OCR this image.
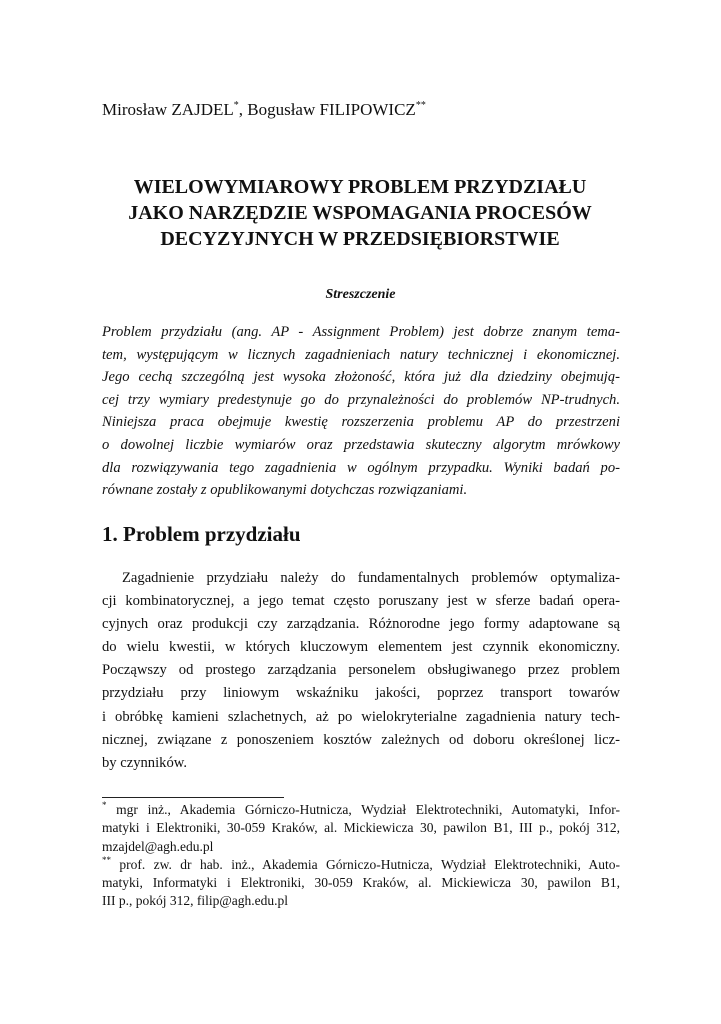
Mirosław ZAJDEL*, Bogusław FILIPOWICZ**
WIELOWYMIAROWY PROBLEM PRZYDZIAŁU
JAKO NARZĘDZIE WSPOMAGANIA PROCESÓW
DECYZYJNYCH W PRZEDSIĘBIORSTWIE
Streszczenie
Problem przydziału (ang. AP - Assignment Problem) jest dobrze znanym tema-
tem, występującym w licznych zagadnieniach natury technicznej i ekonomicznej.
Jego cechą szczególną jest wysoka złożoność, która już dla dziedziny obejmują-
cej trzy wymiary predestynuje go do przynależności do problemów NP-trudnych.
Niniejsza praca obejmuje kwestię rozszerzenia problemu AP do przestrzeni
o dowolnej liczbie wymiarów oraz przedstawia skuteczny algorytm mrówkowy
dla rozwiązywania tego zagadnienia w ogólnym przypadku. Wyniki badań po-
równane zostały z opublikowanymi dotychczas rozwiązaniami.
1. Problem przydziału
Zagadnienie przydziału należy do fundamentalnych problemów optymaliza-
cji kombinatorycznej, a jego temat często poruszany jest w sferze badań opera-
cyjnych oraz produkcji czy zarządzania. Różnorodne jego formy adaptowane są
do wielu kwestii, w których kluczowym elementem jest czynnik ekonomiczny.
Począwszy od prostego zarządzania personelem obsługiwanego przez problem
przydziału przy liniowym wskaźniku jakości, poprzez transport towarów
i obróbkę kamieni szlachetnych, aż po wielokryterialne zagadnienia natury tech-
nicznej, związane z ponoszeniem kosztów zależnych od doboru określonej licz-
by czynników.
* mgr inż., Akademia Górniczo-Hutnicza, Wydział Elektrotechniki, Automatyki, Infor-
matyki i Elektroniki, 30-059 Kraków, al. Mickiewicza 30, pawilon B1, III p., pokój 312,
mzajdel@agh.edu.pl
** prof. zw. dr hab. inż., Akademia Górniczo-Hutnicza, Wydział Elektrotechniki, Auto-
matyki, Informatyki i Elektroniki, 30-059 Kraków, al. Mickiewicza 30, pawilon B1,
III p., pokój 312, filip@agh.edu.pl
